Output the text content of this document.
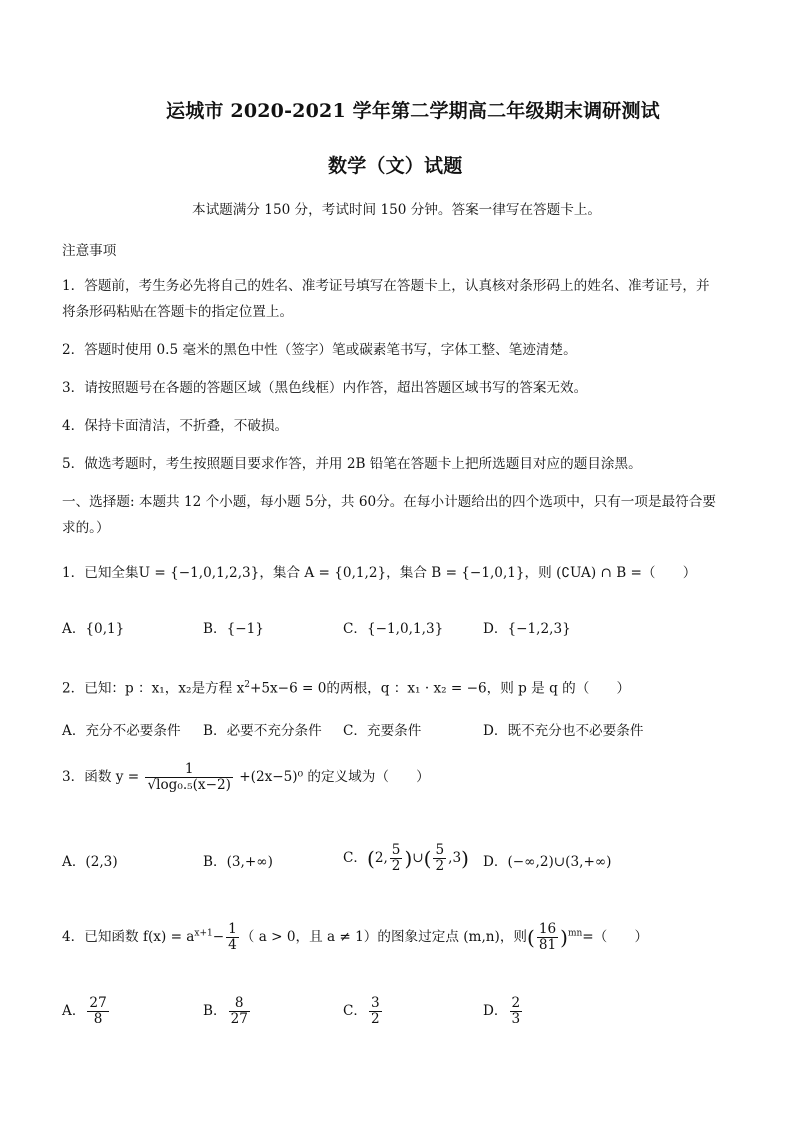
运城市 2020-2021 学年第二学期高二年级期末调研测试
数学（文）试题
本试题满分 150 分，考试时间 150 分钟。答案一律写在答题卡上。
注意事项
1．答题前，考生务必先将自己的姓名、准考证号填写在答题卡上，认真核对条形码上的姓名、准考证号，并
将条形码粘贴在答题卡的指定位置上。
2．答题时使用 0.5 毫米的黑色中性（签字）笔或碳素笔书写，字体工整、笔迹清楚。
3．请按照题号在各题的答题区域（黑色线框）内作答，超出答题区域书写的答案无效。
4．保持卡面清洁，不折叠，不破损。
5．做选考题时，考生按照题目要求作答，并用 2B 铅笔在答题卡上把所选题目对应的题目涂黑。
一、选择题: 本题共 12 个小题，每小题 5分，共 60分。在每小计题给出的四个选项中，只有一项是最符合要
求的。）
1．已知全集U = {−1,0,1,2,3}，集合 A = {0,1,2}，集合 B = {−1,0,1}，则 (∁UA) ∩ B =（　　）
A．{0,1}	B．{−1}	C．{−1,0,1,3}	D．{−1,2,3}
2．已知：p ：x₁，x₂是方程 $x^2+5x-6 = 0$的两根，q ：x₁ · x₂ = −6，则 p 是 q 的（　　）
A．充分不必要条件 B．必要不充分条件 C．充要条件	D．既不充分也不必要条件
3．函数 $y = \frac{1}{\text{√log₀.₅(x−2)}} +(2x-5)^0$ 的定义域为（　　）
A．(2,3)	B．(3,+∞)	C．(2, $\frac{5}{2}$ )∪( $\frac{5}{2} ,3$) D．(−∞,2)∪(3,+∞)
4．已知函数 $f(x) = a^{x+1}- \frac{1}{4}$ （ a > 0，且 a ≠ 1）的图象过定点 (m,n)，则( $\frac{16}{81} )^{mn}=$（　　）
A． $\frac{27}{8}$	B． $\frac{8}{27}$	C． $\frac{3}{2}$	D． $\frac{2}{3}$
